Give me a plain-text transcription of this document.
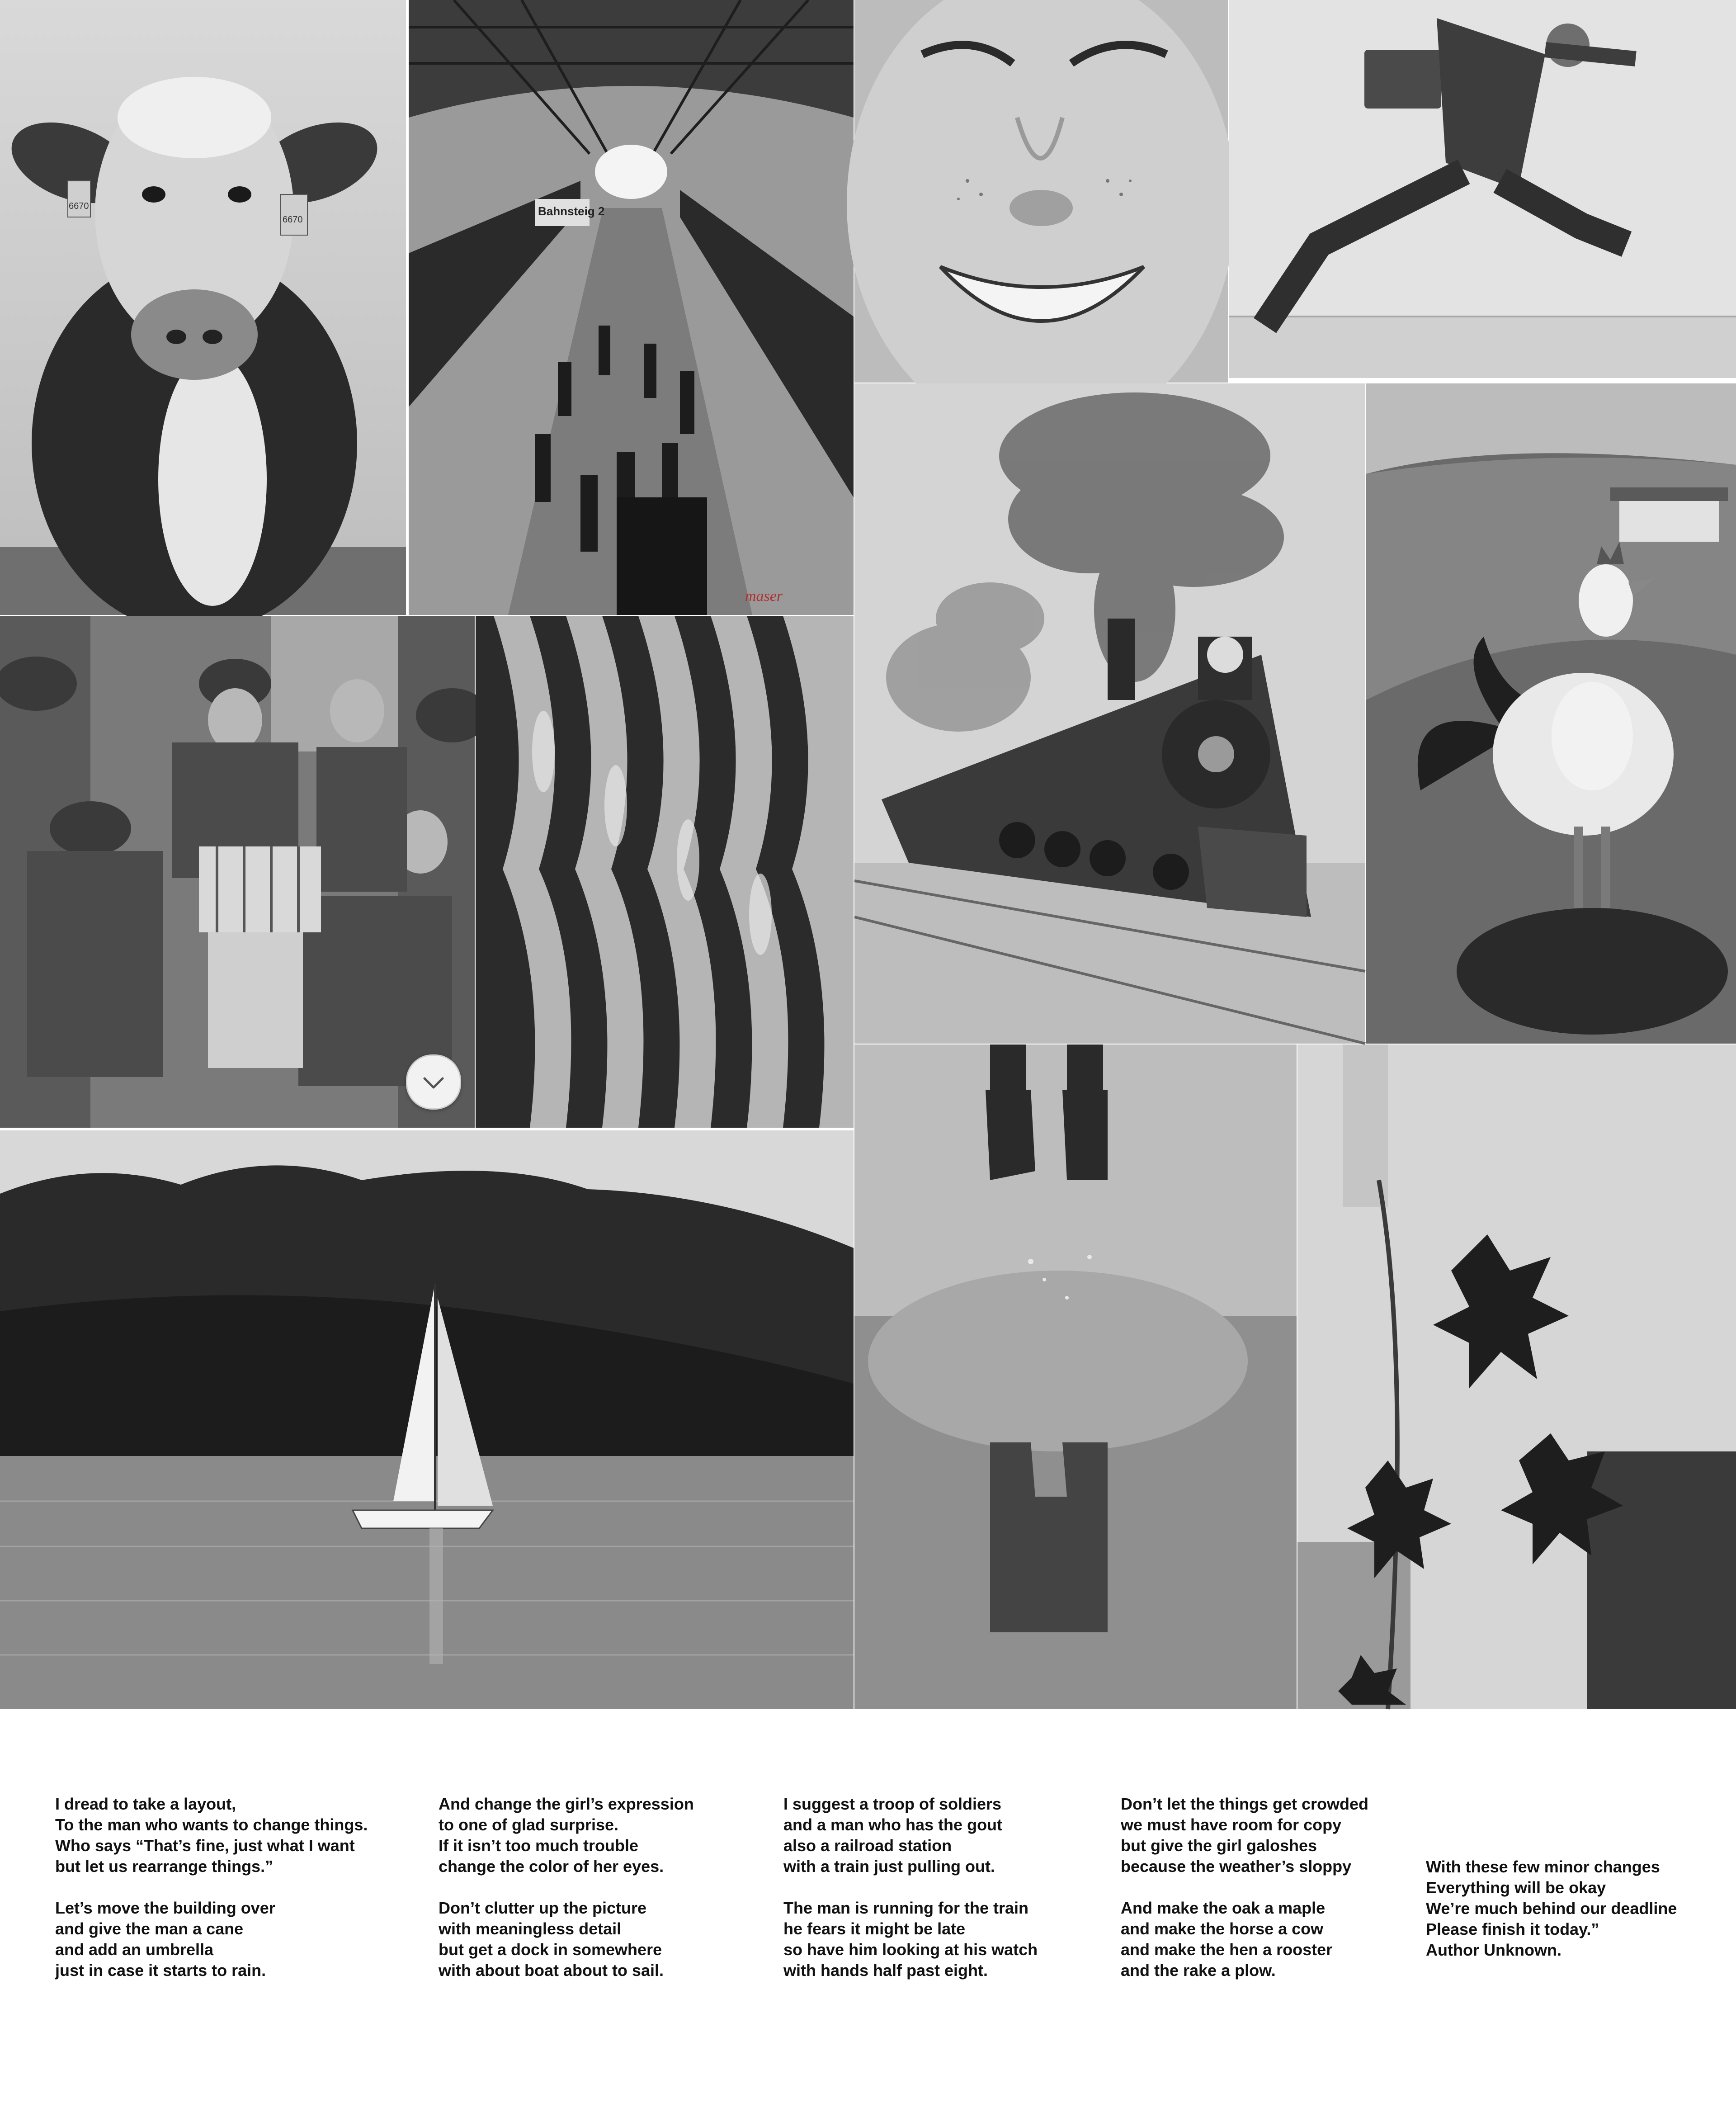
6670
6670
Bahnsteig 2
maser

I dread to take a layout,
To the man who wants to change things.
Who says “That’s fine, just what I want
but let us rearrange things.”

Let’s move the building over
and give the man a cane
and add an umbrella
just in case it starts to rain.

And change the girl’s expression
to one of glad surprise.
If it isn’t too much trouble
change the color of her eyes.

Don’t clutter up the picture
with meaningless detail
but get a dock in somewhere
with about boat about to sail.

I suggest a troop of soldiers
and a man who has the gout
also a railroad station
with a train just pulling out.

The man is running for the train
he fears it might be late
so have him looking at his watch
with hands half past eight.

Don’t let the things get crowded
we must have room for copy
but give the girl galoshes
because the weather’s sloppy

And make the oak a maple
and make the horse a cow
and make the hen a rooster
and the rake a plow.

With these few minor changes
Everything will be okay
We’re much behind our deadline
Please finish it today.”
Author Unknown.
